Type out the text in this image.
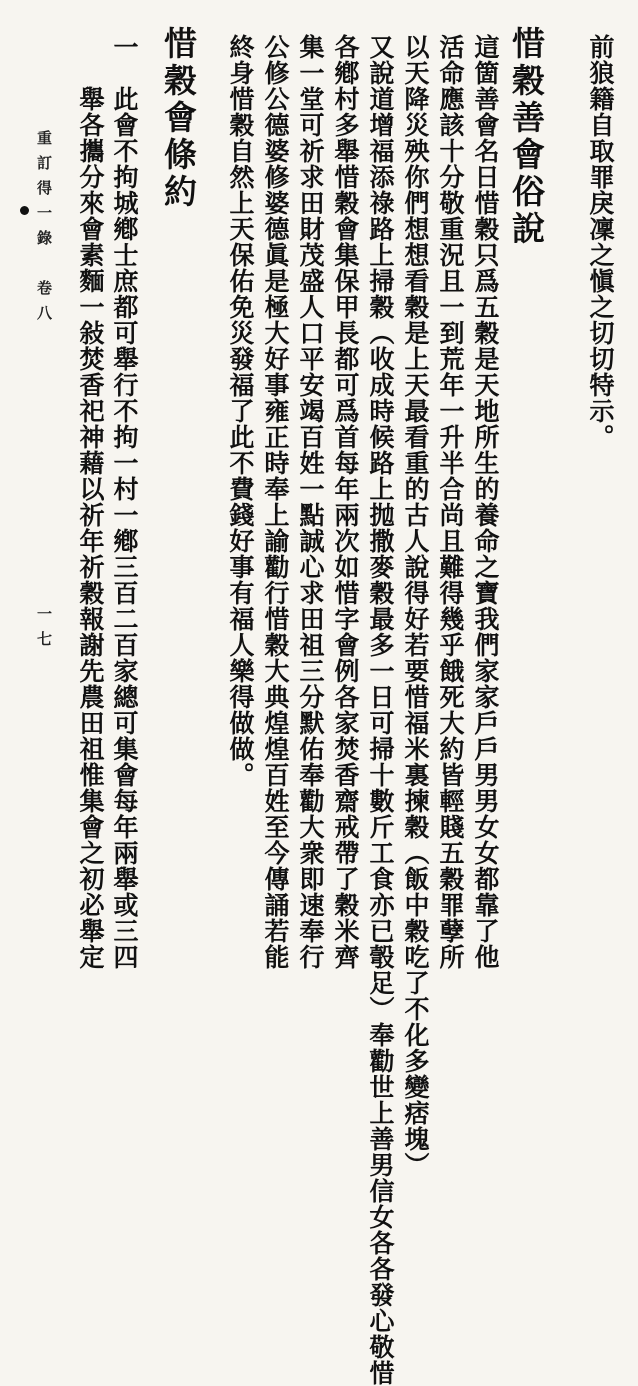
前狼籍自取罪戾凜之愼之切切特示。
惜穀善會俗說
這箇善會名日惜穀只爲五穀是天地所生的養命之寶我們家家戶戶男男女女都靠了他
活命應該十分敬重況且一到荒年一升半合尚且難得幾乎餓死大約皆輕賤五穀罪孽所
以天降災殃你們想想看穀是上天最看重的古人說得好若要惜福米裏揀穀（飯中穀吃了不化多變痞塊）
又說道增福添祿路上掃穀（收成時候路上抛撒麥穀最多一日可掃十數斤工食亦已彀足）奉勸世上善男信女各各發心敬惜
各鄕村多舉惜穀會集保甲長都可爲首每年兩次如惜字會例各家焚香齋戒帶了穀米齊
集一堂可祈求田財茂盛人口平安竭百姓一點誠心求田祖三分默佑奉勸大衆即速奉行
公修公德婆修婆德眞是極大好事雍正時奉上諭勸行惜穀大典煌煌百姓至今傳誦若能
終身惜穀自然上天保佑免災發福了此不費錢好事有福人樂得做做。
惜穀會條約
一　此會不拘城鄕士庶都可舉行不拘一村一鄕三百二百家總可集會每年兩舉或三四
　　舉各攜分來會素麵一敍焚香祀神藉以祈年祈穀報謝先農田祖惟集會之初必舉定
重訂得一錄　卷八
一七
